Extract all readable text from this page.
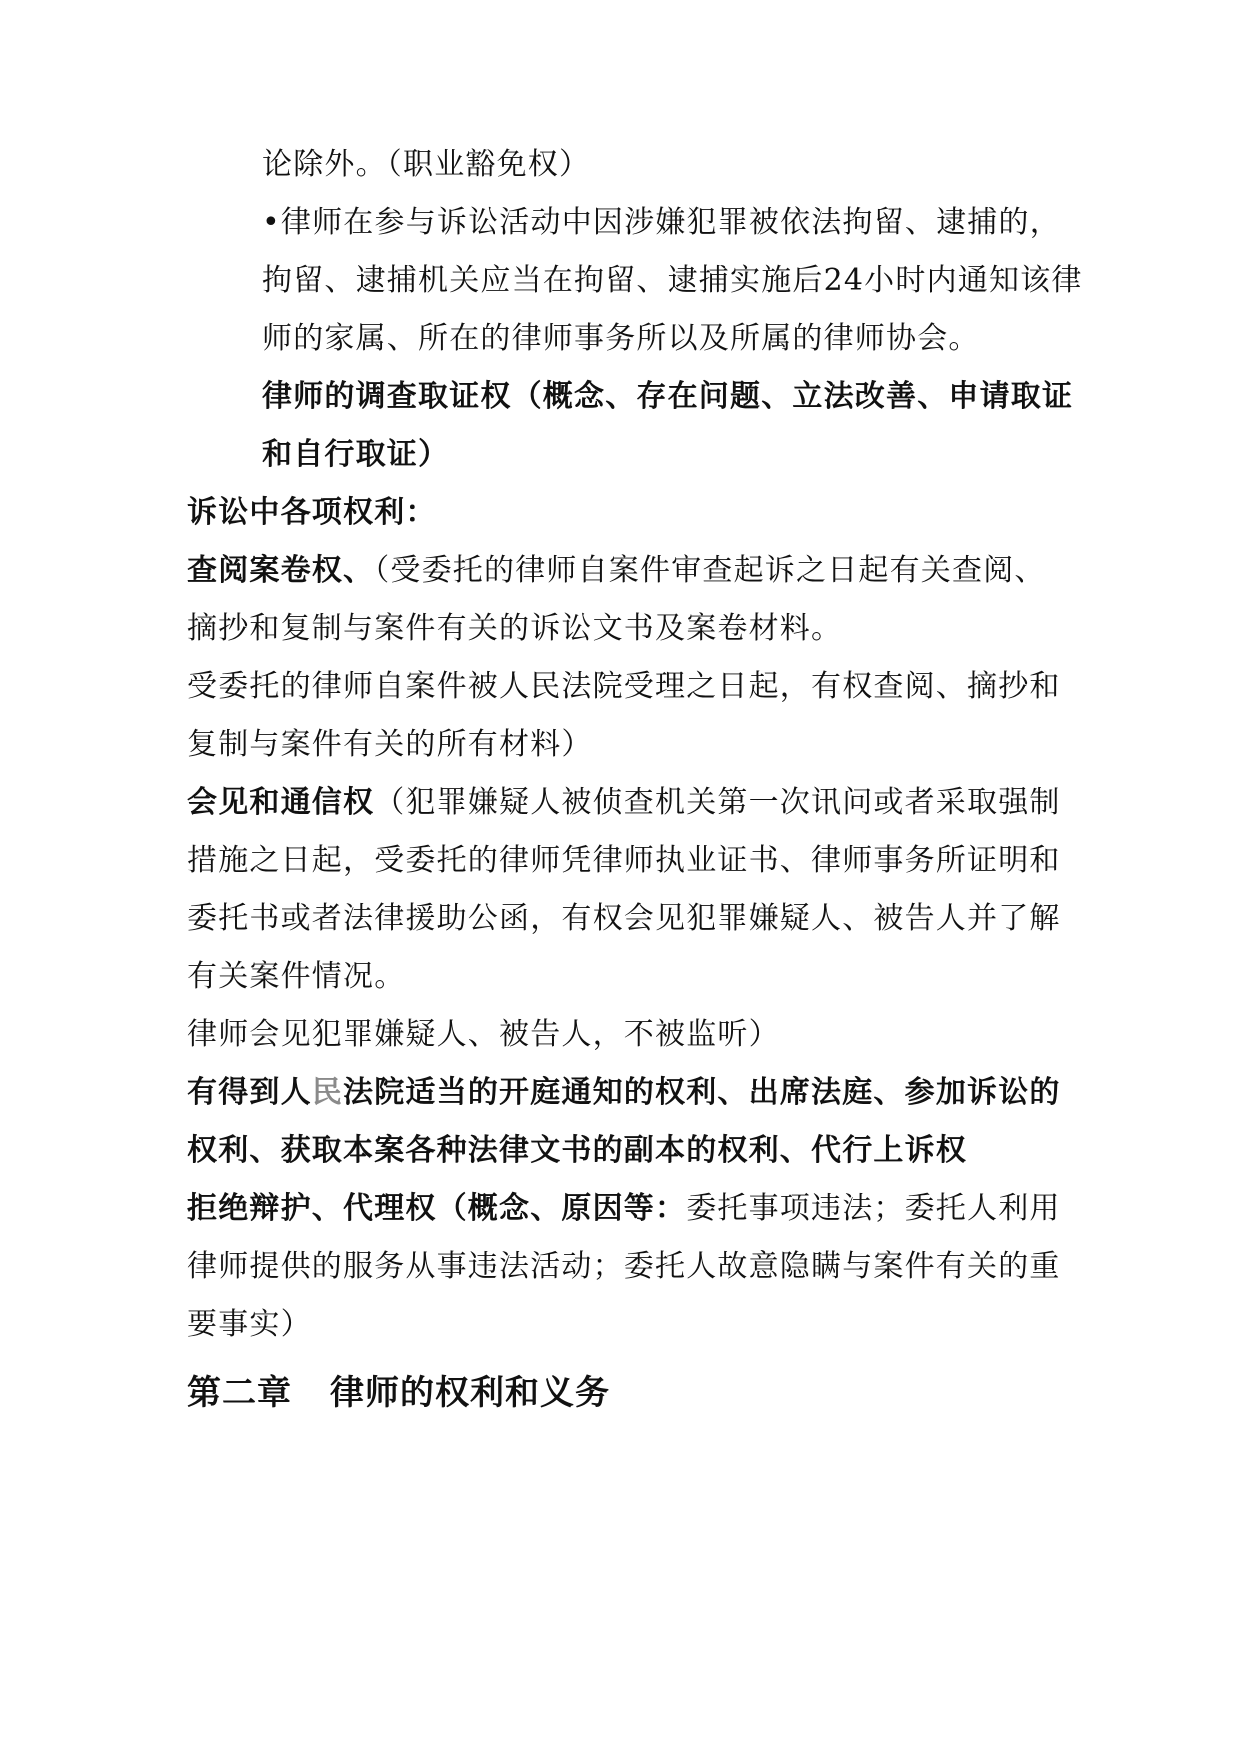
论除外。（职业豁免权）
•律师在参与诉讼活动中因涉嫌犯罪被依法拘留、逮捕的，
拘留、逮捕机关应当在拘留、逮捕实施后24小时内通知该律
师的家属、所在的律师事务所以及所属的律师协会。
律师的调查取证权（概念、存在问题、立法改善、申请取证
和自行取证）
诉讼中各项权利：
查阅案卷权、（受委托的律师自案件审查起诉之日起有关查阅、
摘抄和复制与案件有关的诉讼文书及案卷材料。
受委托的律师自案件被人民法院受理之日起，有权查阅、摘抄和
复制与案件有关的所有材料）
会见和通信权（犯罪嫌疑人被侦查机关第一次讯问或者采取强制
措施之日起，受委托的律师凭律师执业证书、律师事务所证明和
委托书或者法律援助公函，有权会见犯罪嫌疑人、被告人并了解
有关案件情况。
律师会见犯罪嫌疑人、被告人，不被监听）
有得到人民法院适当的开庭通知的权利、出席法庭、参加诉讼的
权利、获取本案各种法律文书的副本的权利、代行上诉权
拒绝辩护、代理权（概念、原因等：委托事项违法；委托人利用
律师提供的服务从事违法活动；委托人故意隐瞒与案件有关的重
要事实）
第二章 律师的权利和义务
